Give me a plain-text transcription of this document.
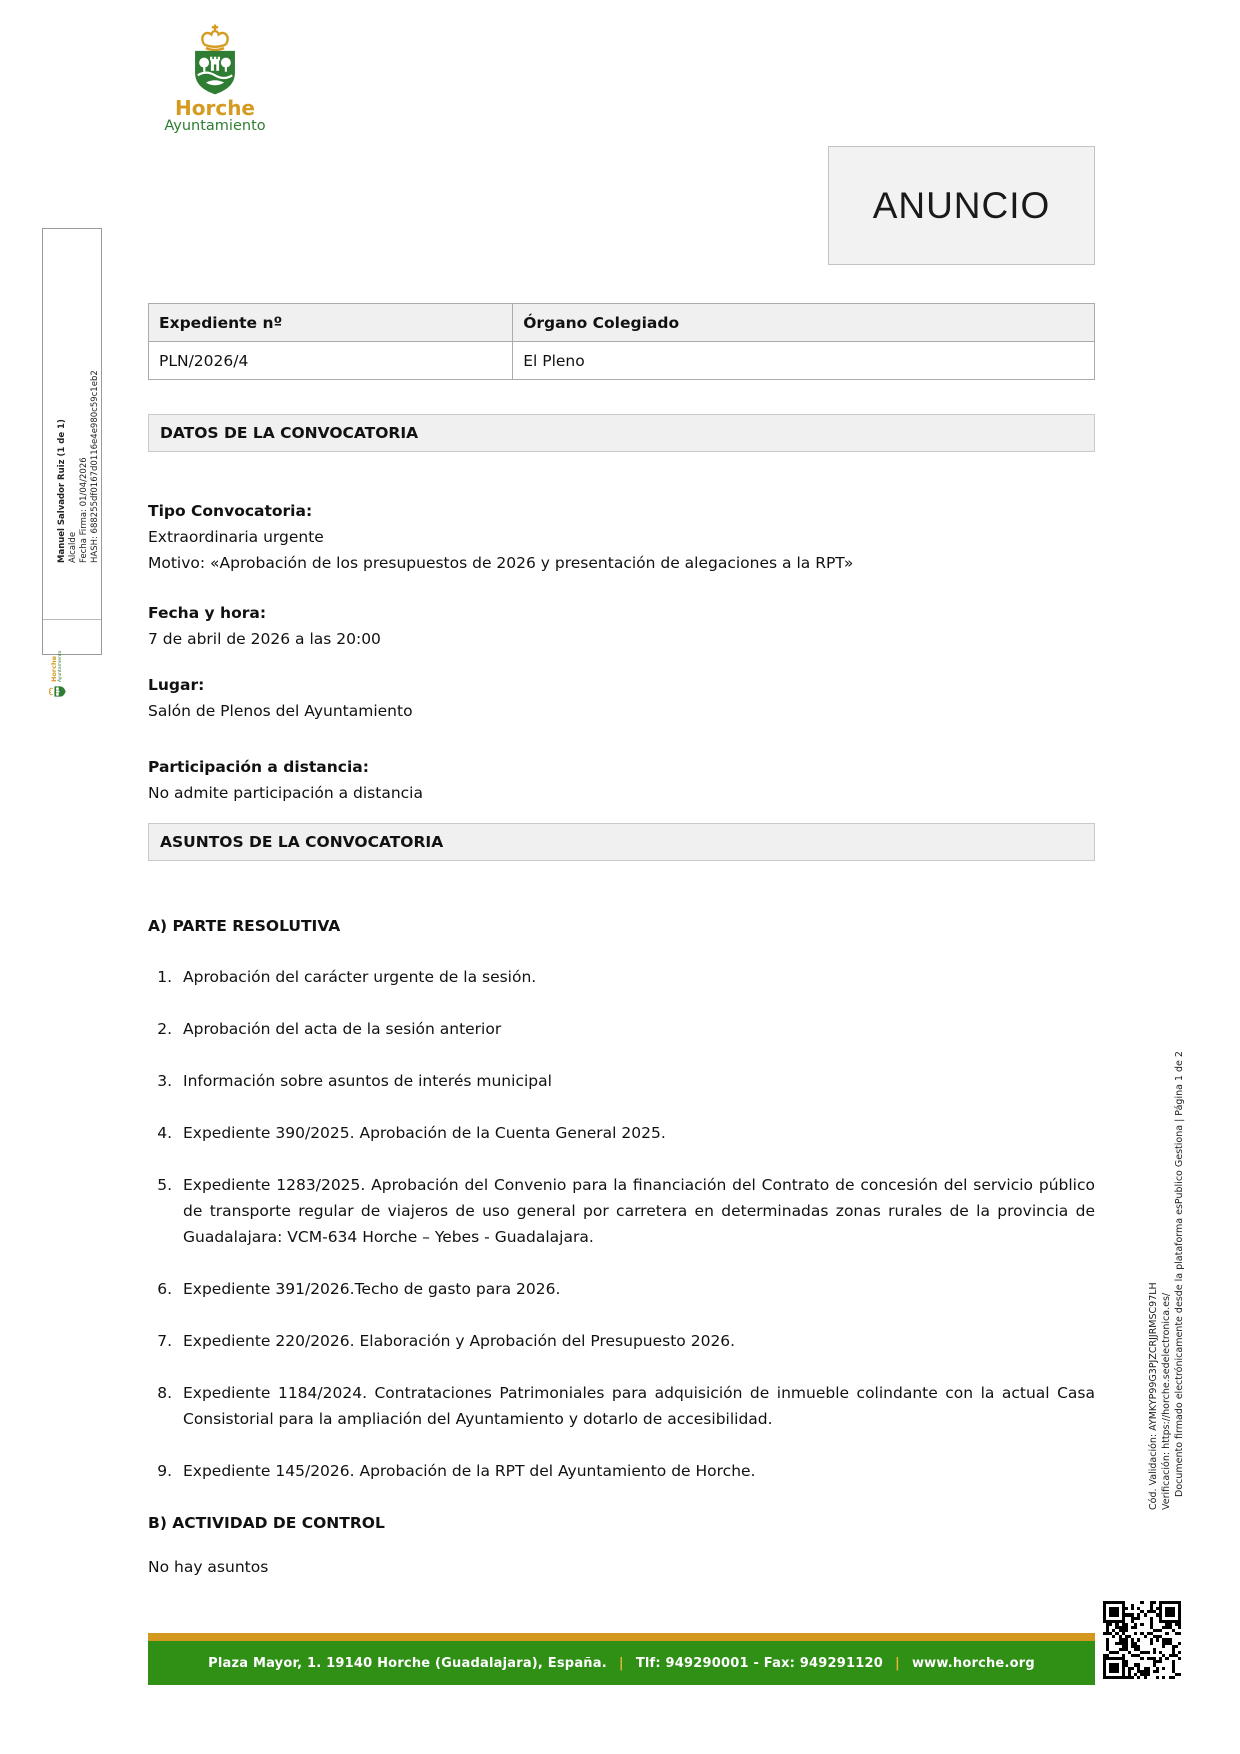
Horche
Ayuntamiento
ANUNCIO
Manuel Salvador Ruiz (1 de 1) Alcalde Fecha Firma: 01/04/2026 HASH: 688255df0167d0116e4e980c59c1eb2
Horche Ayuntamiento
Expediente nº	Órgano Colegiado
PLN/2026/4	El Pleno
DATOS DE LA CONVOCATORIA
Tipo Convocatoria:
Extraordinaria urgente
Motivo: «Aprobación de los presupuestos de 2026 y presentación de alegaciones a la RPT»
Fecha y hora:
7 de abril de 2026 a las 20:00
Lugar:
Salón de Plenos del Ayuntamiento
Participación a distancia:
No admite participación a distancia
ASUNTOS DE LA CONVOCATORIA
A) PARTE RESOLUTIVA
1. Aprobación del carácter urgente de la sesión.
2. Aprobación del acta de la sesión anterior
3. Información sobre asuntos de interés municipal
4. Expediente 390/2025. Aprobación de la Cuenta General 2025.
5. Expediente 1283/2025. Aprobación del Convenio para la financiación del Contrato de concesión del servicio público de transporte regular de viajeros de uso general por carretera en determinadas zonas rurales de la provincia de Guadalajara: VCM-634 Horche – Yebes - Guadalajara.
6. Expediente 391/2026.Techo de gasto para 2026.
7. Expediente 220/2026. Elaboración y Aprobación del Presupuesto 2026.
8. Expediente 1184/2024. Contrataciones Patrimoniales para adquisición de inmueble colindante con la actual Casa Consistorial para la ampliación del Ayuntamiento y dotarlo de accesibilidad.
9. Expediente 145/2026. Aprobación de la RPT del Ayuntamiento de Horche.
B) ACTIVIDAD DE CONTROL
No hay asuntos
Plaza Mayor, 1. 19140 Horche (Guadalajara), España. | Tlf: 949290001 - Fax: 949291120 | www.horche.org
Cód. Validación: AYMKYP99G3PJZCRJJRMSC97LH Verificación: https://horche.sedelectronica.es/ Documento firmado electrónicamente desde la plataforma esPublico Gestiona | Página 1 de 2
